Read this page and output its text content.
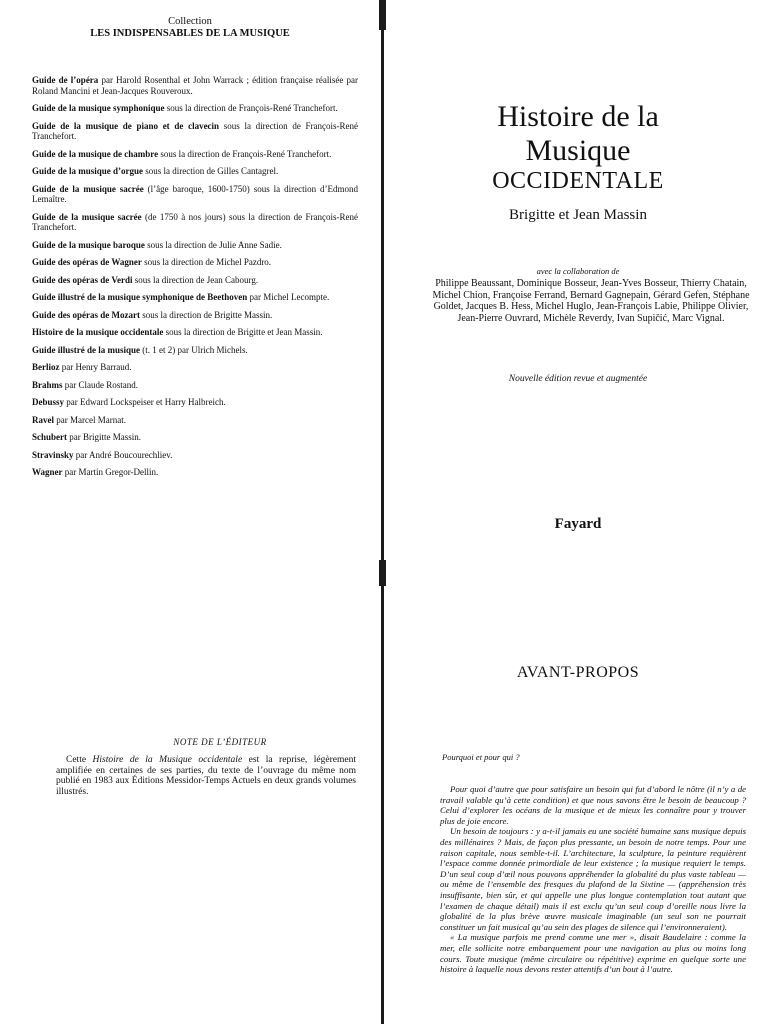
Collection
LES INDISPENSABLES DE LA MUSIQUE
Guide de l’opéra par Harold Rosenthal et John Warrack ; édition française réalisée par Roland Mancini et Jean-Jacques Rouveroux.
Guide de la musique symphonique sous la direction de François-René Tranchefort.
Guide de la musique de piano et de clavecin sous la direction de François-René Tranchefort.
Guide de la musique de chambre sous la direction de François-René Tranchefort.
Guide de la musique d’orgue sous la direction de Gilles Cantagrel.
Guide de la musique sacrée (l’âge baroque, 1600-1750) sous la direction d’Edmond Lemaître.
Guide de la musique sacrée (de 1750 à nos jours) sous la direction de François-René Tranchefort.
Guide de la musique baroque sous la direction de Julie Anne Sadie.
Guide des opéras de Wagner sous la direction de Michel Pazdro.
Guide des opéras de Verdi sous la direction de Jean Cabourg.
Guide illustré de la musique symphonique de Beethoven par Michel Lecompte.
Guide des opéras de Mozart sous la direction de Brigitte Massin.
Histoire de la musique occidentale sous la direction de Brigitte et Jean Massin.
Guide illustré de la musique (t. 1 et 2) par Ulrich Michels.
Berlioz par Henry Barraud.
Brahms par Claude Rostand.
Debussy par Edward Lockspeiser et Harry Halbreich.
Ravel par Marcel Marnat.
Schubert par Brigitte Massin.
Stravinsky par André Boucourechliev.
Wagner par Martin Gregor-Dellin.
NOTE DE L’ÉDITEUR
Cette Histoire de la Musique occidentale est la reprise, légèrement amplifiée en certaines de ses parties, du texte de l’ouvrage du même nom publié en 1983 aux Éditions Messidor-Temps Actuels en deux grands volumes illustrés.
Histoire de la
Musique
OCCIDENTALE
Brigitte et Jean Massin
avec la collaboration de
Philippe Beaussant, Dominique Bosseur, Jean-Yves Bosseur, Thierry Chatain, Michel Chion, Françoise Ferrand, Bernard Gagnepain, Gérard Gefen, Stéphane Goldet, Jacques B. Hess, Michel Huglo, Jean-François Labie, Philippe Olivier, Jean-Pierre Ouvrard, Michèle Reverdy, Ivan Supičić, Marc Vignal.
Nouvelle édition revue et augmentée
Fayard
AVANT-PROPOS
Pourquoi et pour qui ?

Pour quoi d’autre que pour satisfaire un besoin qui fut d’abord le nôtre (il n’y a de travail valable qu’à cette condition) et que nous savons être le besoin de beaucoup ? Celui d’explorer les océans de la musique et de mieux les connaître pour y trouver plus de joie encore.

Un besoin de toujours : y a-t-il jamais eu une société humaine sans musique depuis des millénaires ? Mais, de façon plus pressante, un besoin de notre temps. Pour une raison capitale, nous semble-t-il. L’architecture, la sculpture, la peinture requièrent l’espace comme donnée primordiale de leur existence ; la musique requiert le temps. D’un seul coup d’œil nous pouvons appréhender la globalité du plus vaste tableau — ou même de l’ensemble des fresques du plafond de la Sixtine — (appréhension très insuffisante, bien sûr, et qui appelle une plus longue contemplation tout autant que l’examen de chaque détail) mais il est exclu qu’un seul coup d’oreille nous livre la globalité de la plus brève œuvre musicale imaginable (un seul son ne pourrait constituer un fait musical qu’au sein des plages de silence qui l’environneraient).

« La musique parfois me prend comme une mer », disait Baudelaire : comme la mer, elle sollicite notre embarquement pour une navigation au plus ou moins long cours. Toute musique (même circulaire ou répétitive) exprime en quelque sorte une histoire à laquelle nous devons rester attentifs d’un bout à l’autre.
